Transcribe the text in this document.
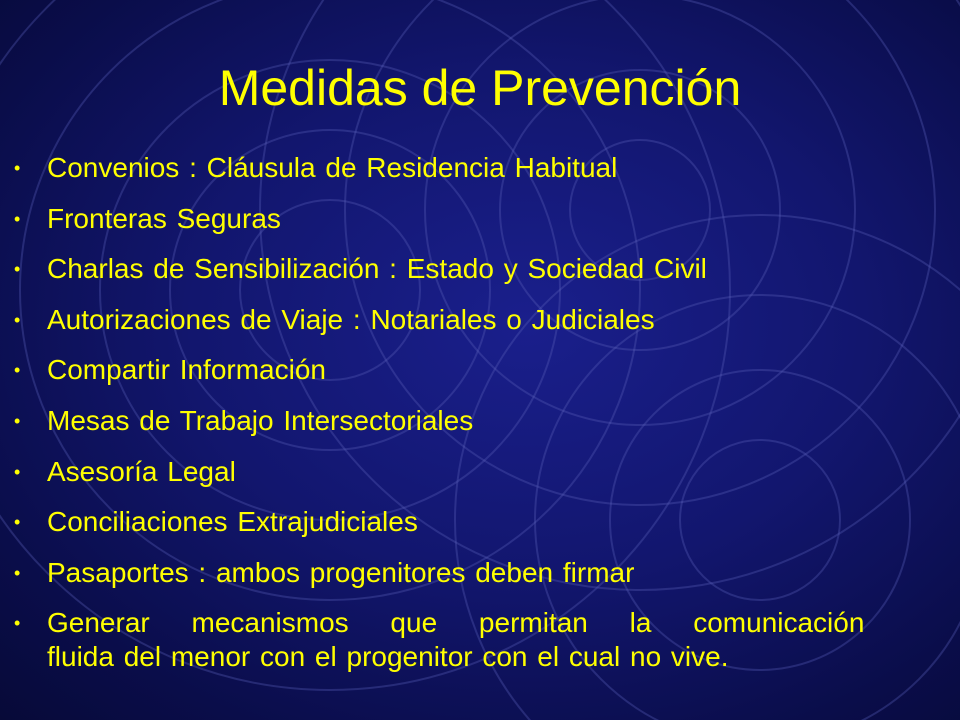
Medidas de Prevención
• Convenios : Cláusula de Residencia Habitual
• Fronteras Seguras
• Charlas de Sensibilización : Estado y Sociedad Civil
• Autorizaciones de Viaje : Notariales o Judiciales
• Compartir Información
• Mesas de Trabajo Intersectoriales
• Asesoría Legal
• Conciliaciones Extrajudiciales
• Pasaportes : ambos progenitores deben firmar
• Generar mecanismos que permitan la comunicación
fluida del menor con el progenitor con el cual no vive.
